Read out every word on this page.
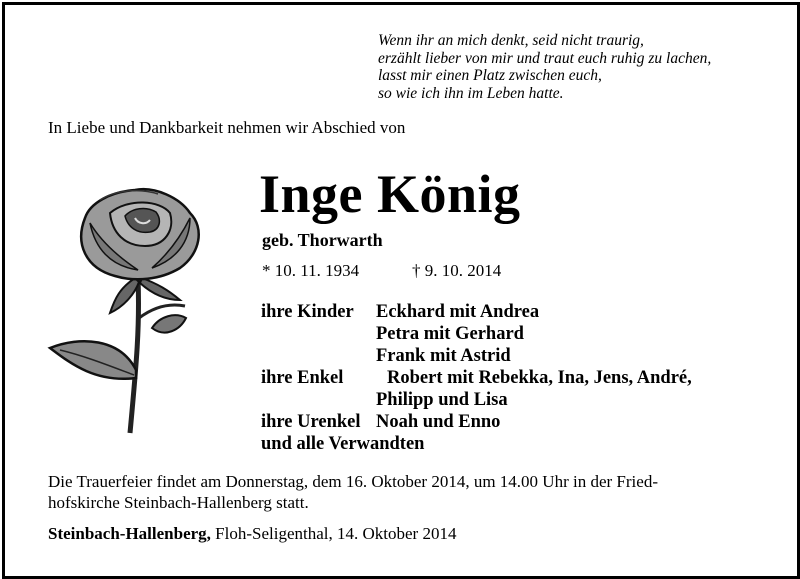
Wenn ihr an mich denkt, seid nicht traurig,
erzählt lieber von mir und traut euch ruhig zu lachen,
lasst mir einen Platz zwischen euch,
so wie ich ihn im Leben hatte.
In Liebe und Dankbarkeit nehmen wir Abschied von
Inge König
geb. Thorwarth
* 10. 11. 1934	† 9. 10. 2014
ihre Kinder Eckhard mit Andrea
Petra mit Gerhard
Frank mit Astrid
ihre Enkel Robert mit Rebekka, Ina, Jens, André,
Philipp und Lisa
ihre Urenkel Noah und Enno
und alle Verwandten
Die Trauerfeier findet am Donnerstag, dem 16. Oktober 2014, um 14.00 Uhr in der Fried-
hofskirche Steinbach-Hallenberg statt.
Steinbach-Hallenberg, Floh-Seligenthal, 14. Oktober 2014
